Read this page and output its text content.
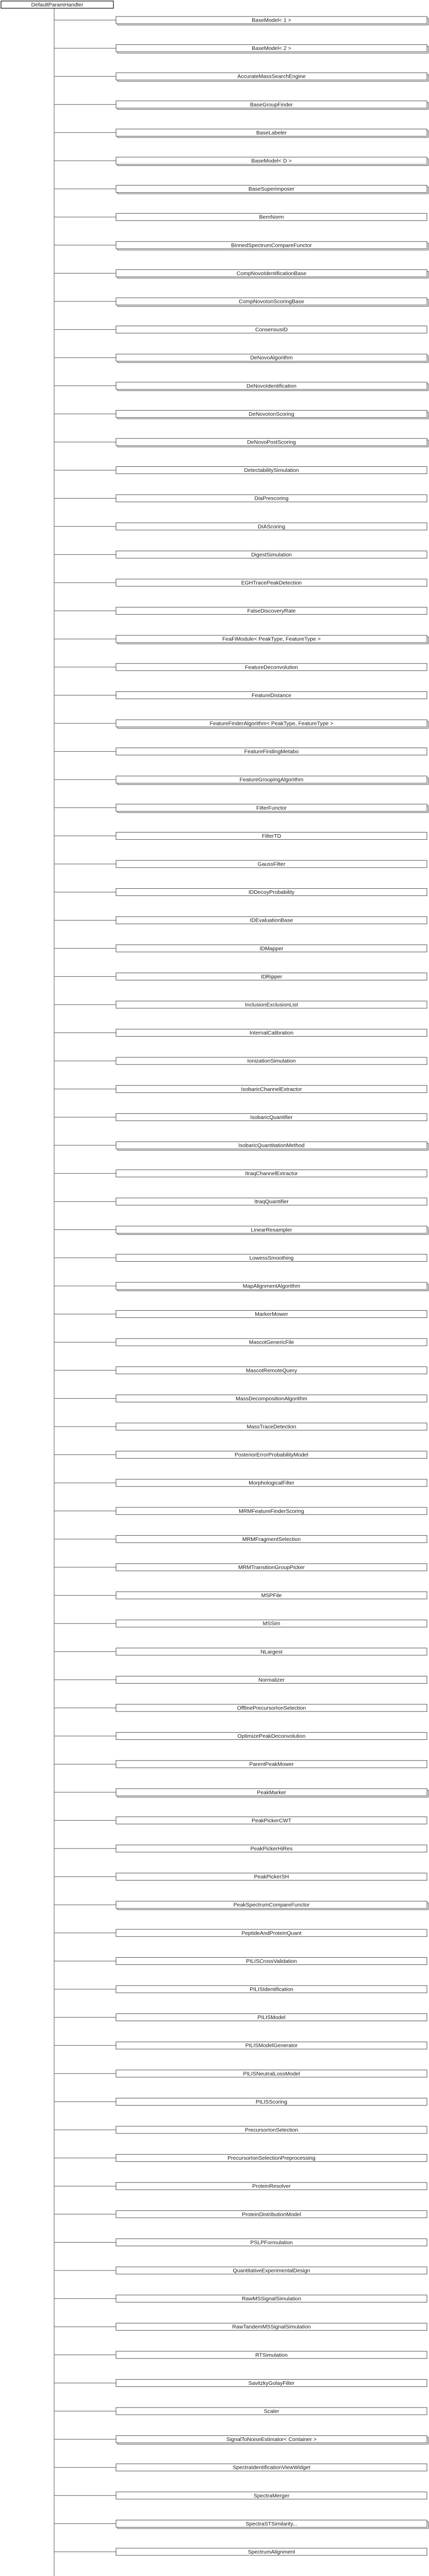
DefaultParamHandler
BaseModel< 1 >
BaseModel< 2 >
AccurateMassSearchEngine
BaseGroupFinder
BaseLabeler
BaseModel< D >
BaseSuperimposer
BernNorm
BinnedSpectrumCompareFunctor
CompNovoIdentificationBase
CompNovoIonScoringBase
ConsensusID
DeNovoAlgorithm
DeNovoIdentification
DeNovoIonScoring
DeNovoPostScoring
DetectabilitySimulation
DiaPrescoring
DIAScoring
DigestSimulation
EGHTracePeakDetection
FalseDiscoveryRate
FeaFiModule< PeakType, FeatureType >
FeatureDeconvolution
FeatureDistance
FeatureFinderAlgorithm< PeakType, FeatureType >
FeatureFindingMetabo
FeatureGroupingAlgorithm
FilterFunctor
FilterTD
GaussFilter
IDDecoyProbability
IDEvaluationBase
IDMapper
IDRipper
InclusionExclusionList
InternalCalibration
IonizationSimulation
IsobaricChannelExtractor
IsobaricQuantifier
IsobaricQuantitationMethod
ItraqChannelExtractor
ItraqQuantifier
LinearResampler
LowessSmoothing
MapAlignmentAlgorithm
MarkerMower
MascotGenericFile
MascotRemoteQuery
MassDecompositionAlgorithm
MassTraceDetection
PosteriorErrorProbabilityModel
MorphologicalFilter
MRMFeatureFinderScoring
MRMFragmentSelection
MRMTransitionGroupPicker
MSPFile
MSSim
NLargest
Normalizer
OfflinePrecursorIonSelection
OptimizePeakDeconvolution
ParentPeakMower
PeakMarker
PeakPickerCWT
PeakPickerHiRes
PeakPickerSH
PeakSpectrumCompareFunctor
PeptideAndProteinQuant
PILISCrossValidation
PILISIdentification
PILISModel
PILISModelGenerator
PILISNeutralLossModel
PILISScoring
PrecursorIonSelection
PrecursorIonSelectionPreprocessing
ProteinResolver
ProteinDistributionModel
PSLPFormulation
QuantitativeExperimentalDesign
RawMSSignalSimulation
RawTandemMSSignalSimulation
RTSimulation
SavitzkyGolayFilter
Scaler
SignalToNoiseEstimator< Container >
SpectraIdentificationViewWidget
SpectraMerger
SpectraSTSimilarity...
SpectrumAlignment
